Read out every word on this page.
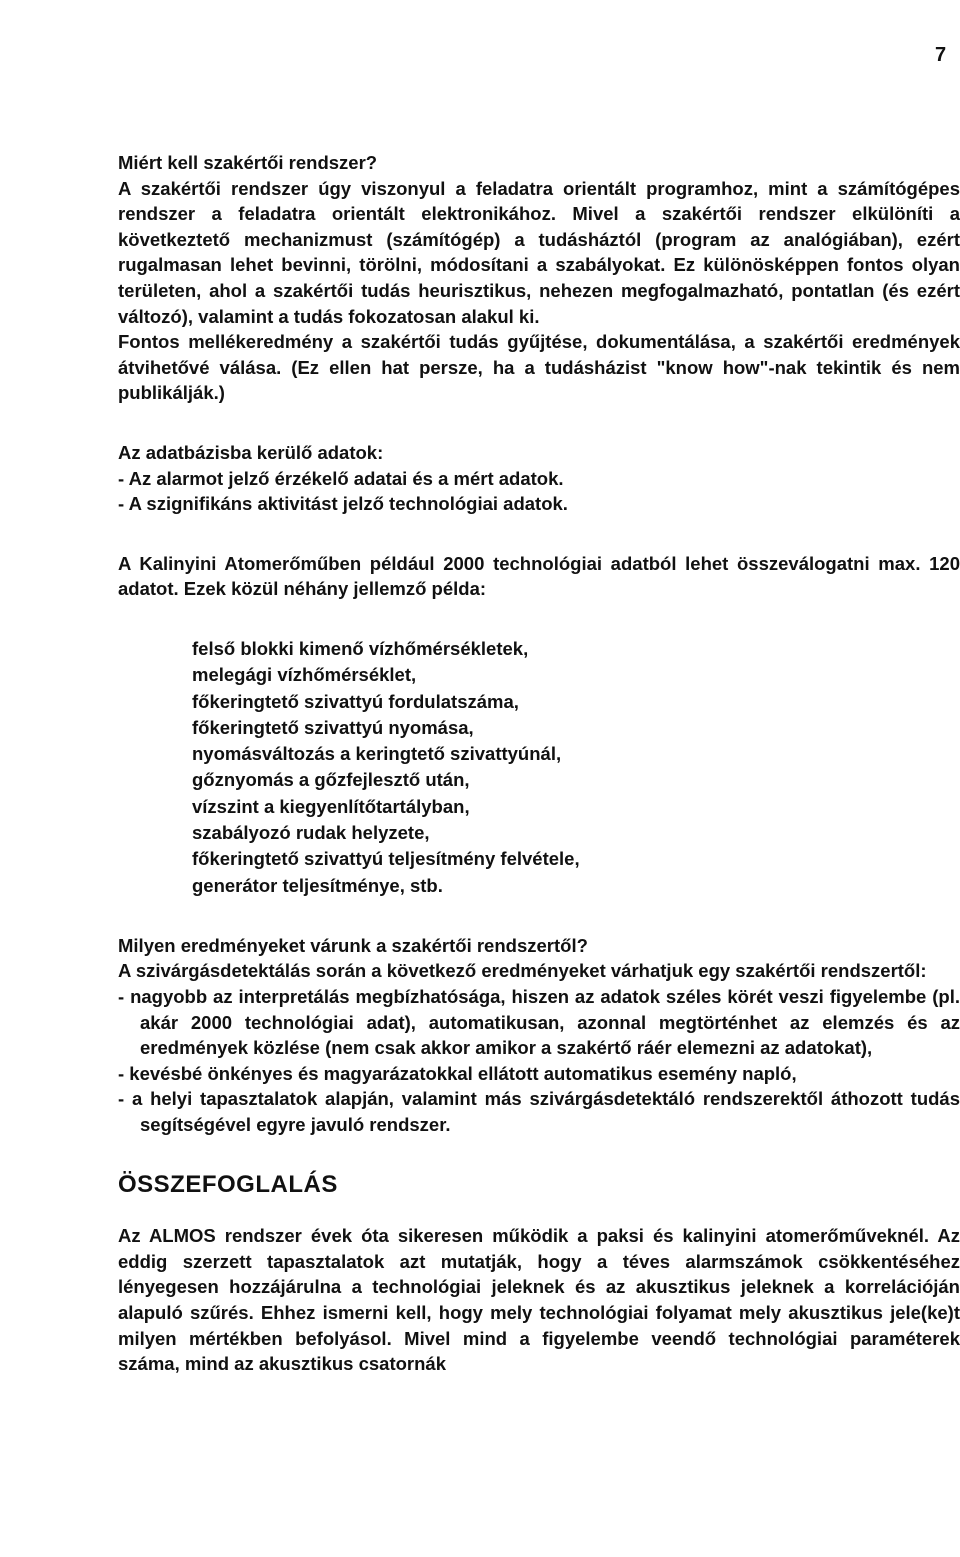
7

Miért kell szakértői rendszer?

A szakértői rendszer úgy viszonyul a feladatra orientált programhoz, mint a számítógépes rendszer a feladatra orientált elektronikához. Mivel a szakértői rendszer elkülöníti a következtető mechanizmust (számítógép) a tudásháztól (program az analógiában), ezért rugalmasan lehet bevinni, törölni, módosítani a szabályokat. Ez különösképpen fontos olyan területen, ahol a szakértői tudás heurisztikus, nehezen megfogalmazható, pontatlan (és ezért változó), valamint a tudás fokozatosan alakul ki.

Fontos mellékeredmény a szakértői tudás gyűjtése, dokumentálása, a szakértői eredmények átvihetővé válása. (Ez ellen hat persze, ha a tudásházist "know how"-nak tekintik és nem publikálják.)

Az adatbázisba kerülő adatok:

- Az alarmot jelző érzékelő adatai és a mért adatok.
- A szignifikáns aktivitást jelző technológiai adatok.

A Kalinyini Atomerőműben például 2000 technológiai adatból lehet összeválogatni max. 120 adatot. Ezek közül néhány jellemző példa:

felső blokki kimenő vízhőmérsékletek,
melegági vízhőmérséklet,
főkeringtető szivattyú fordulatszáma,
főkeringtető szivattyú nyomása,
nyomásváltozás a keringtető szivattyúnál,
gőznyomás a gőzfejlesztő után,
vízszint a kiegyenlítőtartályban,
szabályozó rudak helyzete,
főkeringtető szivattyú teljesítmény felvétele,
generátor teljesítménye, stb.

Milyen eredményeket várunk a szakértői rendszertől?

A szivárgásdetektálás során a következő eredményeket várhatjuk egy szakértői rendszertől:

- nagyobb az interpretálás megbízhatósága, hiszen az adatok széles körét veszi figyelembe (pl. akár 2000 technológiai adat), automatikusan, azonnal megtörténhet az elemzés és az eredmények közlése (nem csak akkor amikor a szakértő ráér elemezni az adatokat),
- kevésbé önkényes és magyarázatokkal ellátott automatikus esemény napló,
- a helyi tapasztalatok alapján, valamint más szivárgásdetektáló rendszerektől áthozott tudás segítségével egyre javuló rendszer.

ÖSSZEFOGLALÁS

Az ALMOS rendszer évek óta sikeresen működik a paksi és kalinyini atomerőműveknél. Az eddig szerzett tapasztalatok azt mutatják, hogy a téves alarmszámok csökkentéséhez lényegesen hozzájárulna a technológiai jeleknek és az akusztikus jeleknek a korrelációján alapuló szűrés. Ehhez ismerni kell, hogy mely technológiai folyamat mely akusztikus jele(ke)t milyen mértékben befolyásol. Mivel mind a figyelembe veendő technológiai paraméterek száma, mind az akusztikus csatornák
